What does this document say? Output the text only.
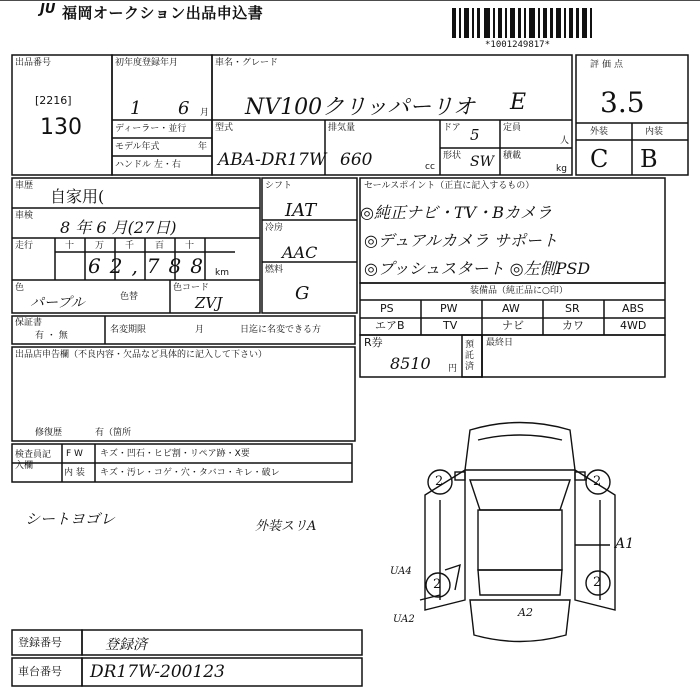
JU 福岡オークション出品申込書
*1001249817*
出品番号
[2216]
130
初年度登録年月
1 6 月
ディーラー・並行
モデル年式	年
ハンドル 左・右
車名・グレード
NV100クリッパーリオ E
型式
ABA-DR17W
排気量
660	cc
ドア 5
形状 SW
定員
人
積載
kg
評価点
3.5
外装	内装
C B
車歴
自家用(
車検
8 年 6 月(27日)
走行	十 万 千 百 十
62,788 km
色
パープル	色替
色コード
ZVJ
シフト
IAT
冷房
AAC
燃料
G
セールスポイント（正直に記入するもの）
◎純正ナビ・TV・Bカメラ
◎デュアルカメラ サポート
◎プッシュスタート ◎左側PSD
装備品（純正品に○印）
PS	PW	AW	SR	ABS
エアB	TV	ナビ	カワ	4WD
R券
8510 円
預託済
最終日
保証書
有 ・ 無
名変期限	月	日迄に名変できる方
出品店申告欄（不良内容・欠品など具体的に記入して下さい）
修復歴	有（箇所
検査員記入欄
F W キズ・凹石・ヒビ割・リペア跡・X要
内 装 キズ・汚レ・コゲ・穴・タバコ・キレ・破レ
シートヨゴレ	外装スリA
2	2
2	2
A1
A2
UA4
UA2
登録番号	登録済
車台番号 DR17W-200123
